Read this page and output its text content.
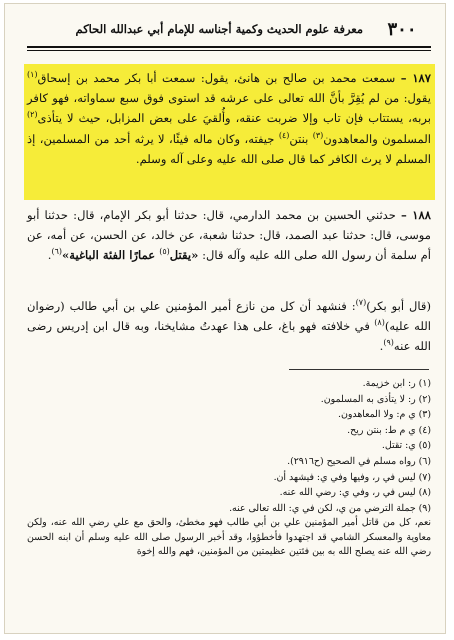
٣٠٠
معرفة علوم الحديث وكمية أجناسه للإمام أبي عبدالله الحاكم
١٨٧ – سمعت محمد بن صالح بن هانئ، يقول: سمعت أبا بكر محمد بن إسحاق$^{(١)}$ يقول: من لم يُقِرَّ بأنَّ الله تعالى على عرشه قد استوى فوق سبع سماواته، فهو كافر بربه، يستتاب فإن تاب وإلا ضربت عنقه، وأُلقيَ على بعض المزابل، حيث لا يتأذى$^{(٢)}$ المسلمون والمعاهدون$^{(٣)}$ بنتن$^{(٤)}$ جيفته، وكان ماله فيئًا، لا يرثه أحد من المسلمين، إذ المسلم لا يرث الكافر كما قال صلى الله عليه وعلى آله وسلم.
١٨٨ – حدثني الحسين بن محمد الدارمي، قال: حدثنا أبو بكر الإمام، قال: حدثنا أبو موسى، قال: حدثنا عبد الصمد، قال: حدثنا شعبة، عن خالد، عن الحسن، عن أمه، عن أم سلمة أن رسول الله صلى الله عليه وآله قال: «يقتل$^{(٥)}$ عمارًا الفئة الباغية»$^{(٦)}$.
(قال أبو بكر)$^{(٧)}$: فنشهد أن كل من نازع أمير المؤمنين علي بن أبي طالب (رضوان الله عليه)$^{(٨)}$ في خلافته فهو باغ، على هذا عهدتُ مشايخنا، وبه قال ابن إدريس رضى الله عنه$^{(٩)}$.
(١) ر: ابن خزيمة.
(٢) ر: لا يتأذى به المسلمون.
(٣) ي م: ولا المعاهدون.
(٤) ي م ط: بنتن ريح.
(٥) ي: تقتل.
(٦) رواه مسلم في الصحيح (ح٢٩١٦).
(٧) ليس في ر، وفيها وفي ي: فيشهد أن.
(٨) ليس في ر، وفي ي: رضي الله عنه.
(٩) جملة الترضي من ي، لكن في ي: الله تعالى عنه.
نعم، كل من قاتل أمير المؤمنين علي بن أبي طالب فهو مخطئ، والحق مع علي رضي الله عنه، ولكن معاوية والمعسكر الشامي قد اجتهدوا فأخطؤوا، وقد أخبر الرسول صلى الله عليه وسلم أن ابنه الحسن رضي الله عنه يصلح الله به بين فئتين عظيمتين من المؤمنين، فهم والله إخوة
